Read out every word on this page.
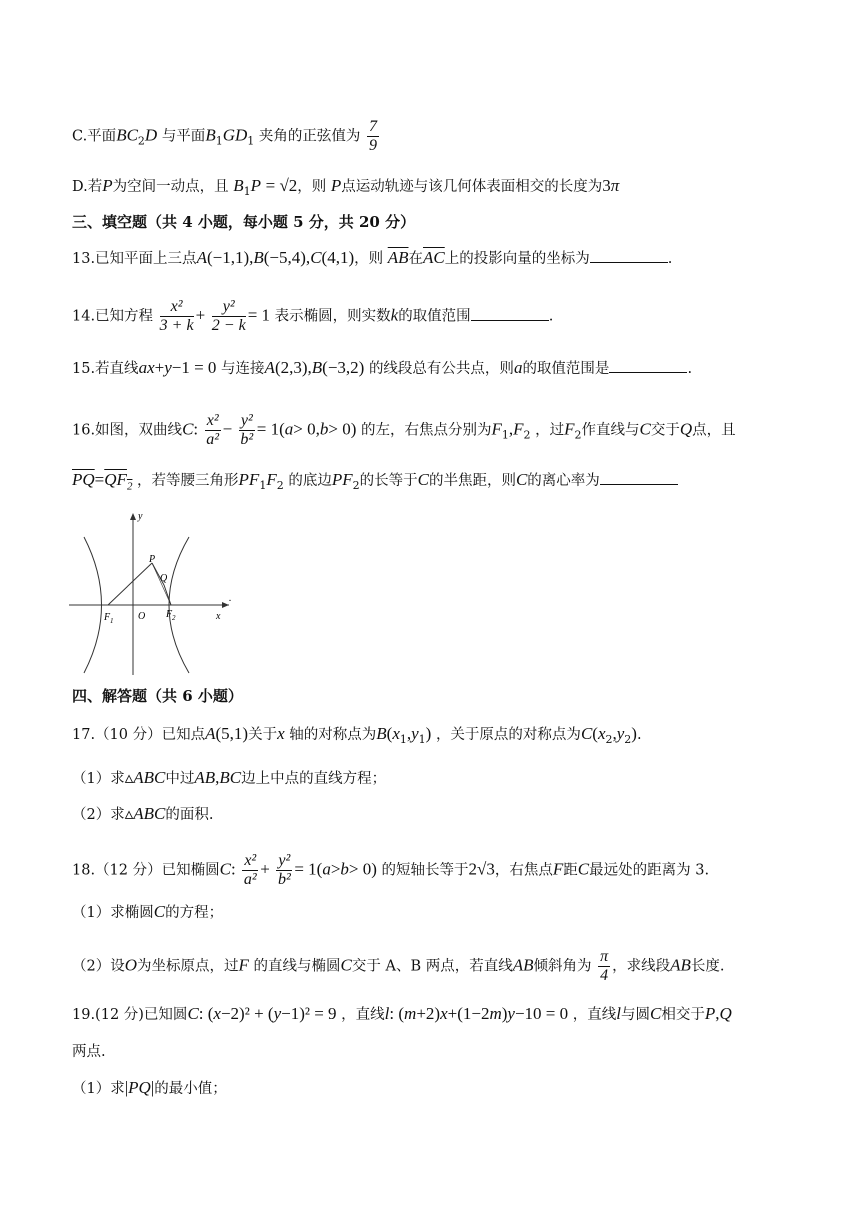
C.平面$BC_2D$ 与平面$B_1GD_1$ 夹角的正弦值为 $\frac{7}{9}$
D.若P为空间一动点，且 $B_1P = √2$，则 P点运动轨迹与该几何体表面相交的长度为3π
三、填空题（共 4 小题，每小题 5 分，共 20 分）
13.已知平面上三点A(−1,1),B(−5,4),C(4,1)，则 $\overline{AB}$在$\overline{AC}$上的投影向量的坐标为	.
14.已知方程 $\frac{\text{x²}}{3 + k} + \frac{\text{y²}}{2 - k} = 1$ 表示椭圆，则实数k的取值范围	.
15.若直线ax+y−1 = 0 与连接A(2,3),B(−3,2) 的线段总有公共点，则a的取值范围是	.
16.如图，双曲线C: $\frac{\text{x²}}{\text{a²}} - \frac{\text{y²}}{\text{b²}} = 1(a> 0,b> 0)$ 的左，右焦点分别为$F_1,F_2$ ，过$F_2$作直线与C交于Q点，且
$\overline{PQ}=QF_2$ ，若等腰三角形$PF_1F_2$ 的底边$PF_2$的长等于C的半焦距，则C的离心率为
y
x
P
Q
O
F 1
F 2
.
四、解答题（共 6 小题）
17.（10 分）已知点A(5,1)关于x 轴的对称点为$B(x_1,y_1)$ ，关于原点的对称点为$C(x_2,y_2)$.
（1）求▵ABC中过AB,BC边上中点的直线方程；
（2）求▵ABC的面积.
18.（12 分）已知椭圆C: $\frac{\text{x²}}{\text{a²}} + \frac{\text{y²}}{\text{b²}} = 1(a>b> 0)$ 的短轴长等于2√3，右焦点F距C最远处的距离为 3.
（1）求椭圆C的方程；
（2）设O为坐标原点，过F 的直线与椭圆C交于 A、B 两点，若直线AB倾斜角为 $\frac{\pi}{4}$ ，求线段AB长度.
19.(12 分)已知圆C: (x−2)² + (y−1)² = 9 ，直线l: (m+2)x+(1−2m)y−10 = 0 ，直线l与圆C相交于P,Q
两点.
（1）求|PQ|的最小值；
